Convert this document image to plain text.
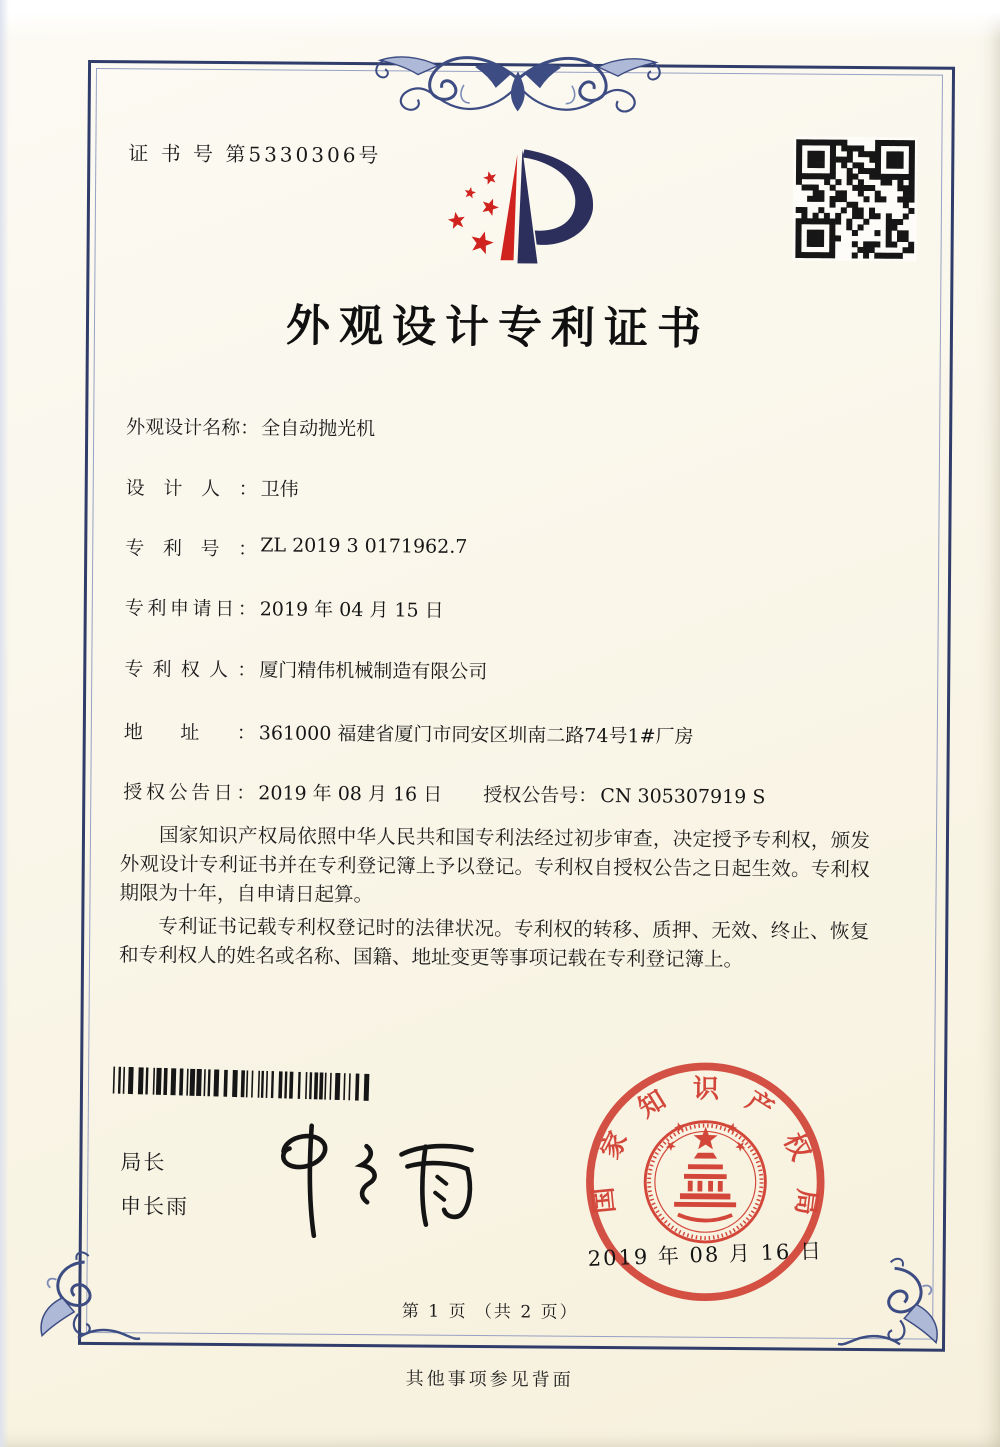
证 书 号 第5330306号
外观设计专利证书
外观设计名称：全自动抛光机
设计人： 卫伟
专利号： ZL 2019 3 0171962.7
专利申请日： 2019 年 04 月 15 日
专利权人： 厦门精伟机械制造有限公司
地址： 361000 福建省厦门市同安区圳南二路74号1#厂房
授权公告日： 2019 年 08 月 16 日 授权公告号： CN 305307919 S

国家知识产权局依照中华人民共和国专利法经过初步审查，决定授予专利权，颁发外观设计专利证书并在专利登记簿上予以登记。专利权自授权公告之日起生效。专利权期限为十年，自申请日起算。

专利证书记载专利权登记时的法律状况。专利权的转移、质押、无效、终止、恢复和专利权人的姓名或名称、国籍、地址变更等事项记载在专利登记簿上。

局长
申长雨	国
家
知 识 产
权
局
2019 年 08 月 16 日
第 1 页 （共 2 页）
其他事项参见背面
